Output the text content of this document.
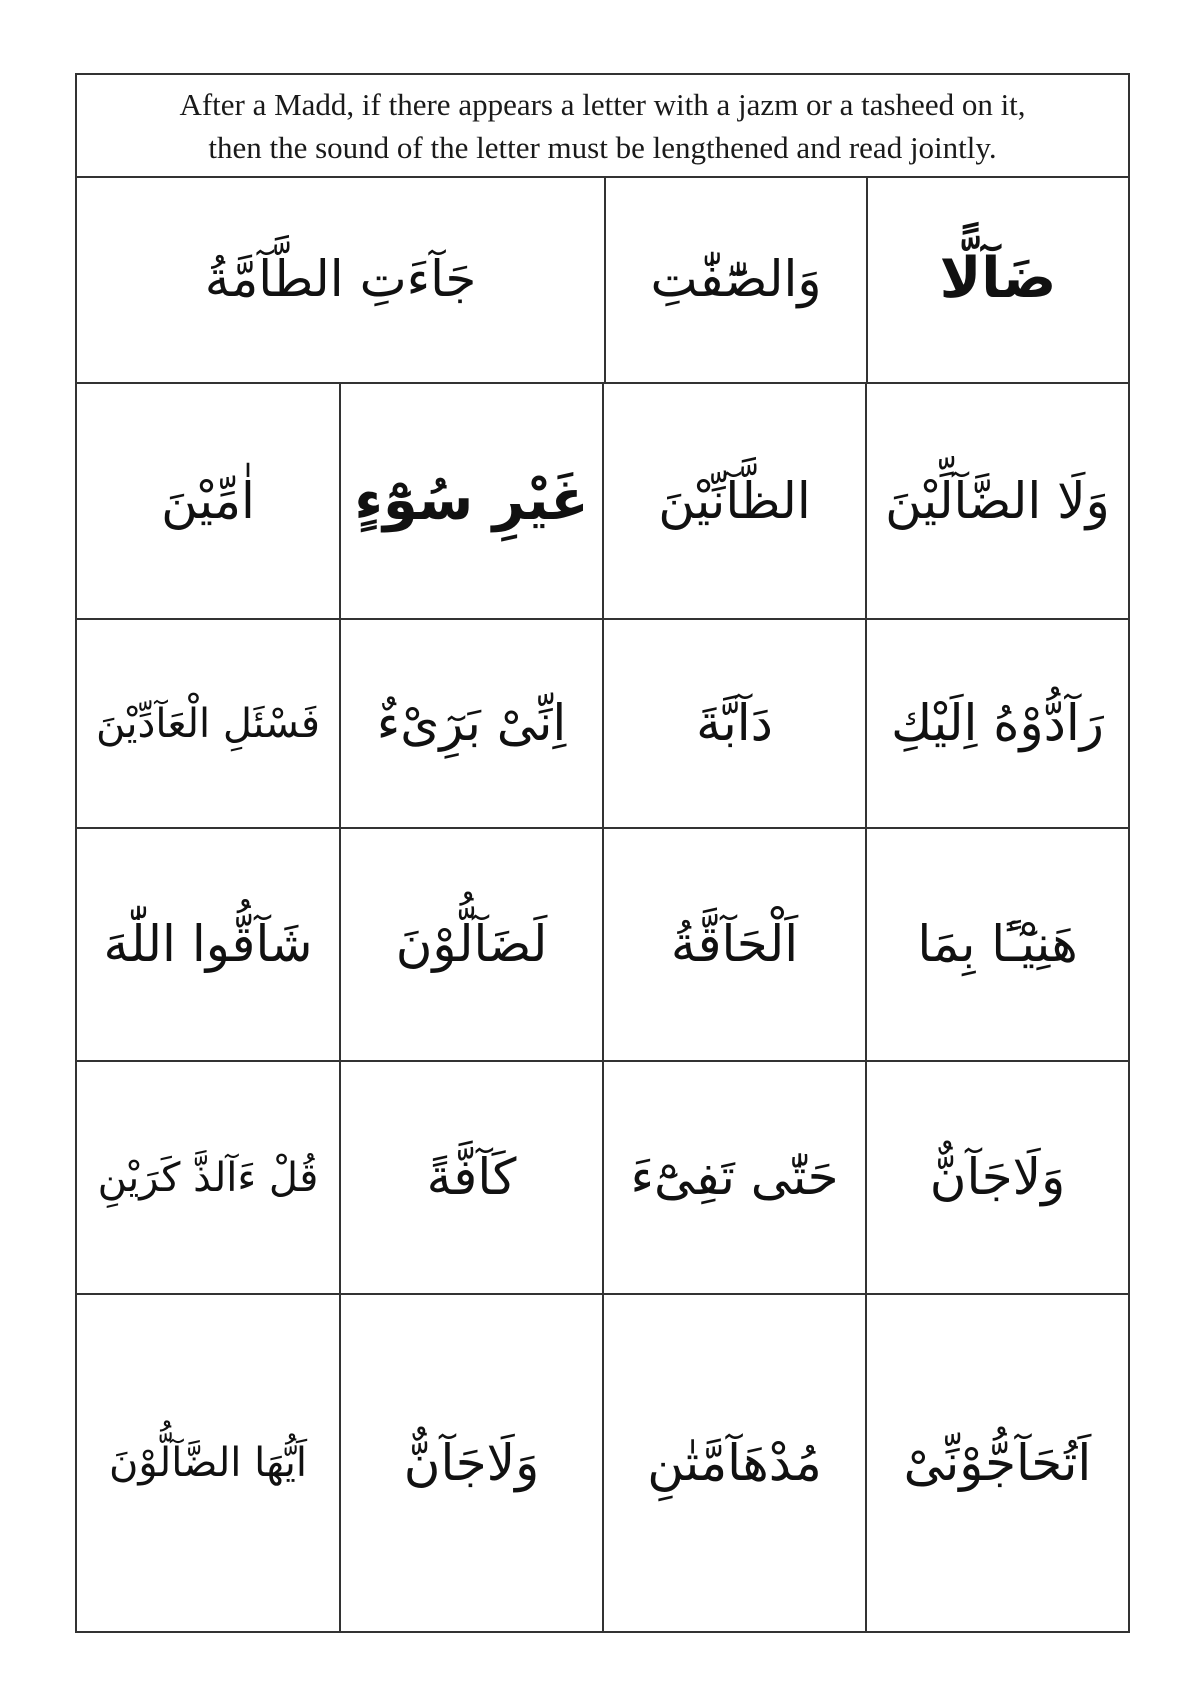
After a Madd, if there appears a letter with a jazm or a tasheed on it,
then the sound of the letter must be lengthened and read jointly.
ضَآلًّا
وَالصّٰٓفّٰتِ
جَآءَتِ الطَّآمَّةُ
وَلَا الضَّآلِّيْنَ
الظَّآنِّيْنَ
غَيْرِ سُوْٓءٍ
اٰمِّيْنَ
رَآدُّوْهُ اِلَيْكِ
دَآبَّةَ
اِنِّىْ بَرِٓىْءٌ
فَسْئَلِ الْعَآدِّيْنَ
هَنِيْٓـًٔا بِمَا
اَلْحَآقَّةُ
لَضَآلُّوْنَ
شَآقُّوا اللّٰهَ
وَلَاجَآنٌّ
حَتّٰى تَفِىْٓءَ
كَآفَّةً
قُلْ ءَآلذَّ كَرَيْنِ
اَتُحَآجُّوْنِّىْ
مُدْهَآمَّتٰنِ
وَلَاجَآنٌّ
اَيُّهَا الضَّآلُّوْنَ
